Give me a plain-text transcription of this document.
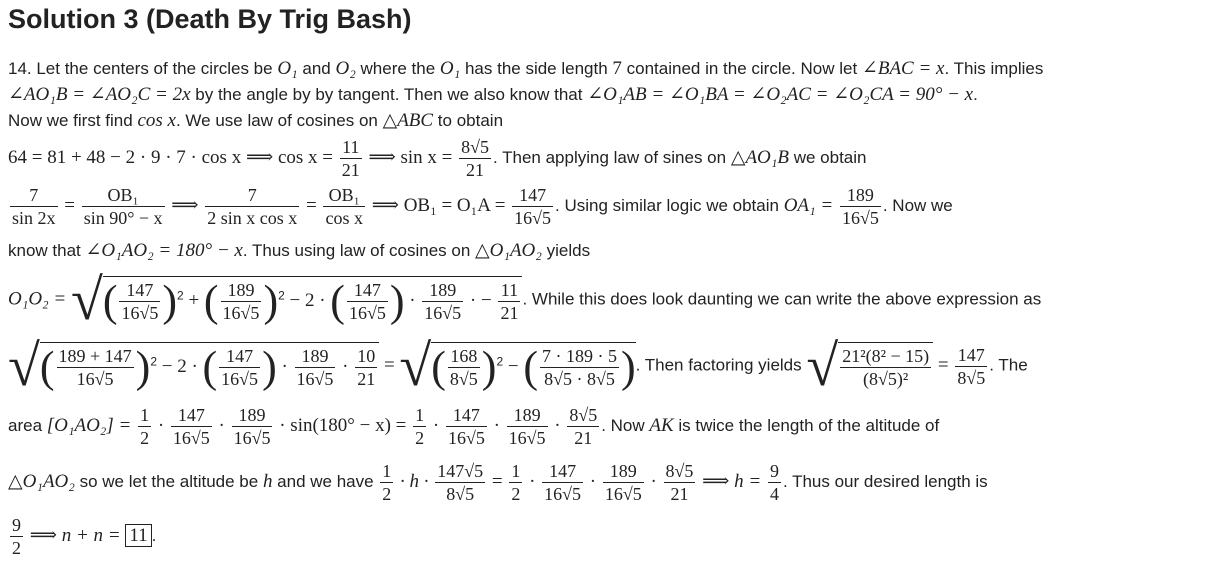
Solution 3 (Death By Trig Bash)
14. Let the centers of the circles be O₁ and O₂ where the O₁ has the side length 7 contained in the circle. Now let ∠BAC = x. This implies
∠AO₁B = ∠AO₂C = 2x by the angle by by tangent. Then we also know that ∠O₁AB = ∠O₁BA = ∠O₂AC = ∠O₂CA = 90° − x.
Now we first find cos x. We use law of cosines on △ABC to obtain
64 = 81 + 48 − 2 · 9 · 7 · cos x ⟹ $\cos x = \frac{11}{21}$ ⟹ $\sin x = \frac{8√5}{21}$ . Then applying law of sines on △AO₁B we obtain
$\frac{7}{\sin 2x} = \frac{\text{OB₁}}{\sin 90^\circ - x}$ ⟹ $\frac{7}{\text{2 sin x cos x}} = \frac{\text{OB₁}}{\text{cos x}}$ ⟹ $OB_1 = O_1A = \frac{147}{16√5}$ . Using similar logic we obtain $OA_1 = \frac{189}{16√5}$ . Now we
know that ∠O₁AO₂ = 180° − x. Thus using law of cosines on △O₁AO₂ yields
O₁O₂ = √( $\frac{147}{16√5} )^2$ + ( $\frac{189}{16√5} )^2 - 2$ · ( $\frac{147}{16√5}$ ) · $\frac{189}{16√5}$ · − $\frac{11}{21}$ . While this does look daunting we can write the above expression as
√( $\frac{189 + 147}{16√5} )^2 - 2$ · ( $\frac{147}{16√5}$ ) · $\frac{189}{16√5} \cdot \frac{10}{21}$ = √( $\frac{168}{8√5} )^2$ − ( $\frac{7 \cdot 189 \cdot 5}{8√5 \cdot 8√5}$ ). Then factoring yields √ $\frac{\text{21²(8² − 15)}}{\text{(8√5)²}} = \frac{147}{8√5}$ . The
area $[O_1AO_2] = \frac{1}{2} \cdot \frac{147}{16√5} \cdot \frac{189}{16√5} \cdot \sin(180^\circ - x) = \frac{1}{2} \cdot \frac{147}{16√5} \cdot \frac{189}{16√5} \cdot \frac{8√5}{21}$ . Now AK is twice the length of the altitude of
△O₁AO₂ so we let the altitude be h and we have $\frac{1}{2} \cdot h \cdot \frac{147√5}{8√5} = \frac{1}{2} \cdot \frac{147}{16√5} \cdot \frac{189}{16√5} \cdot \frac{8√5}{21}$ ⟹ $h = \frac{9}{4}$ . Thus our desired length is
$\frac{9}{2}$ ⟹ n + n = 11 .
